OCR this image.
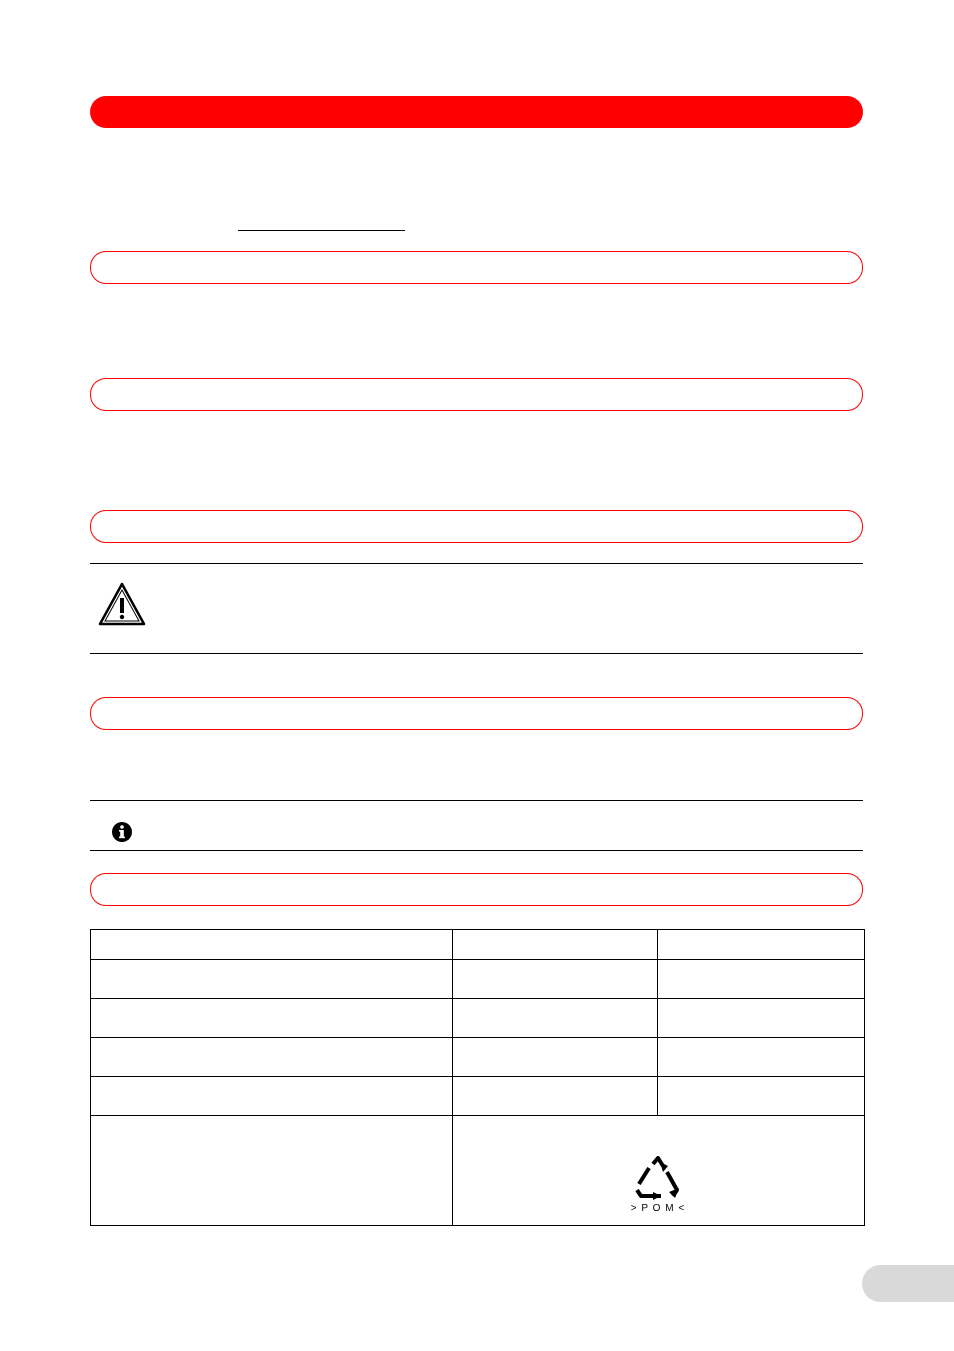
	> P O M <	
